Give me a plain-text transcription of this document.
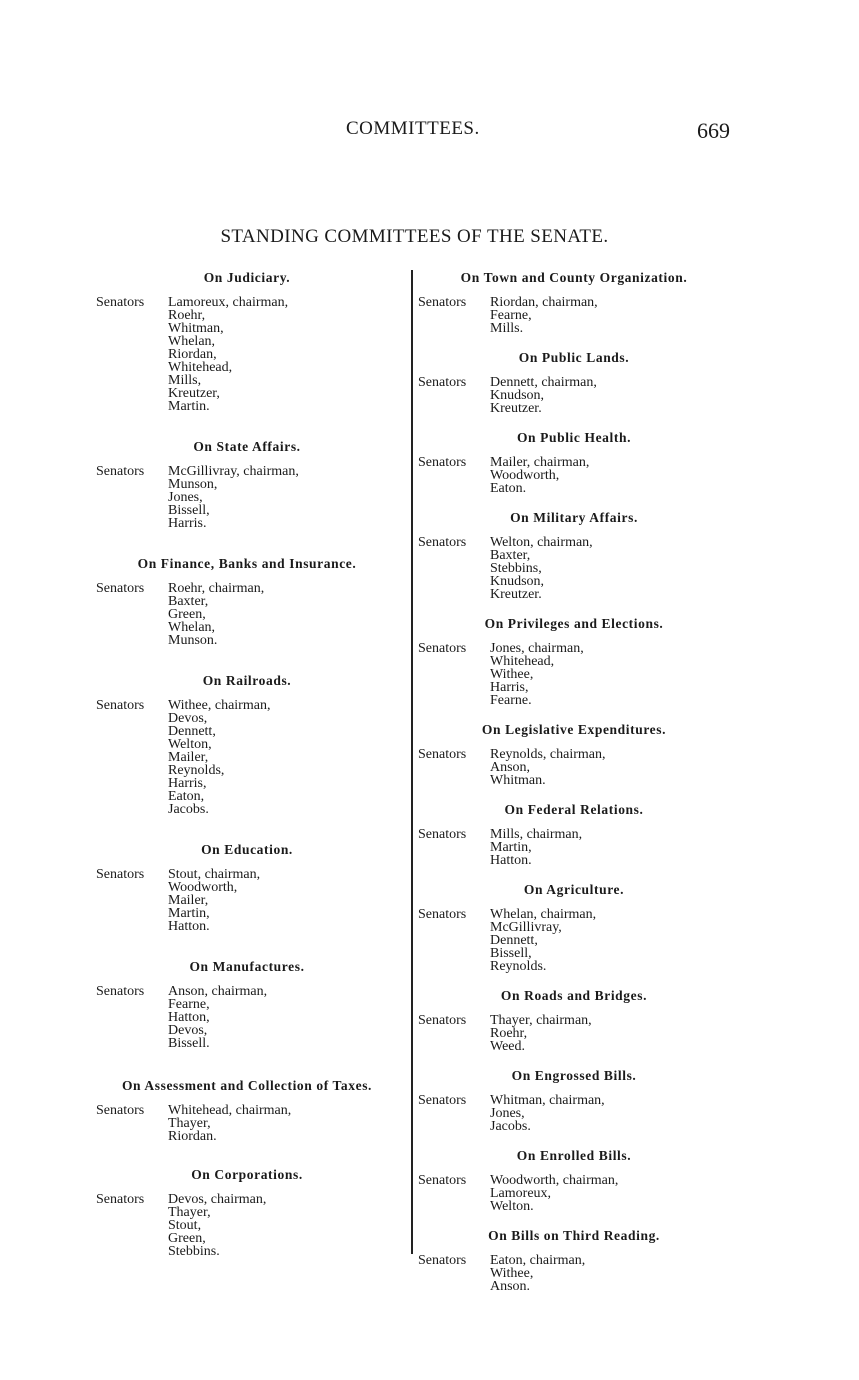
COMMITTEES.	669
STANDING COMMITTEES OF THE SENATE.
On Judiciary.
Senators	Lamoreux, chairman,
Roehr,
Whitman,
Whelan,
Riordan,
Whitehead,
Mills,
Kreutzer,
Martin.
On State Affairs.
Senators	McGillivray, chairman,
Munson,
Jones,
Bissell,
Harris.
On Finance, Banks and Insurance.
Senators	Roehr, chairman,
Baxter,
Green,
Whelan,
Munson.
On Railroads.
Senators	Withee, chairman,
Devos,
Dennett,
Welton,
Mailer,
Reynolds,
Harris,
Eaton,
Jacobs.
On Education.
Senators	Stout, chairman,
Woodworth,
Mailer,
Martin,
Hatton.
On Manufactures.
Senators	Anson, chairman,
Fearne,
Hatton,
Devos,
Bissell.
On Assessment and Collection of Taxes.
Senators	Whitehead, chairman,
Thayer,
Riordan.
On Corporations.
Senators	Devos, chairman,
Thayer,
Stout,
Green,
Stebbins.
On Town and County Organization.
Senators	Riordan, chairman,
Fearne,
Mills.
On Public Lands.
Senators	Dennett, chairman,
Knudson,
Kreutzer.
On Public Health.
Senators	Mailer, chairman,
Woodworth,
Eaton.
On Military Affairs.
Senators	Welton, chairman,
Baxter,
Stebbins,
Knudson,
Kreutzer.
On Privileges and Elections.
Senators	Jones, chairman,
Whitehead,
Withee,
Harris,
Fearne.
On Legislative Expenditures.
Senators	Reynolds, chairman,
Anson,
Whitman.
On Federal Relations.
Senators	Mills, chairman,
Martin,
Hatton.
On Agriculture.
Senators	Whelan, chairman,
McGillivray,
Dennett,
Bissell,
Reynolds.
On Roads and Bridges.
Senators	Thayer, chairman,
Roehr,
Weed.
On Engrossed Bills.
Senators	Whitman, chairman,
Jones,
Jacobs.
On Enrolled Bills.
Senators	Woodworth, chairman,
Lamoreux,
Welton.
On Bills on Third Reading.
Senators	Eaton, chairman,
Withee,
Anson.
